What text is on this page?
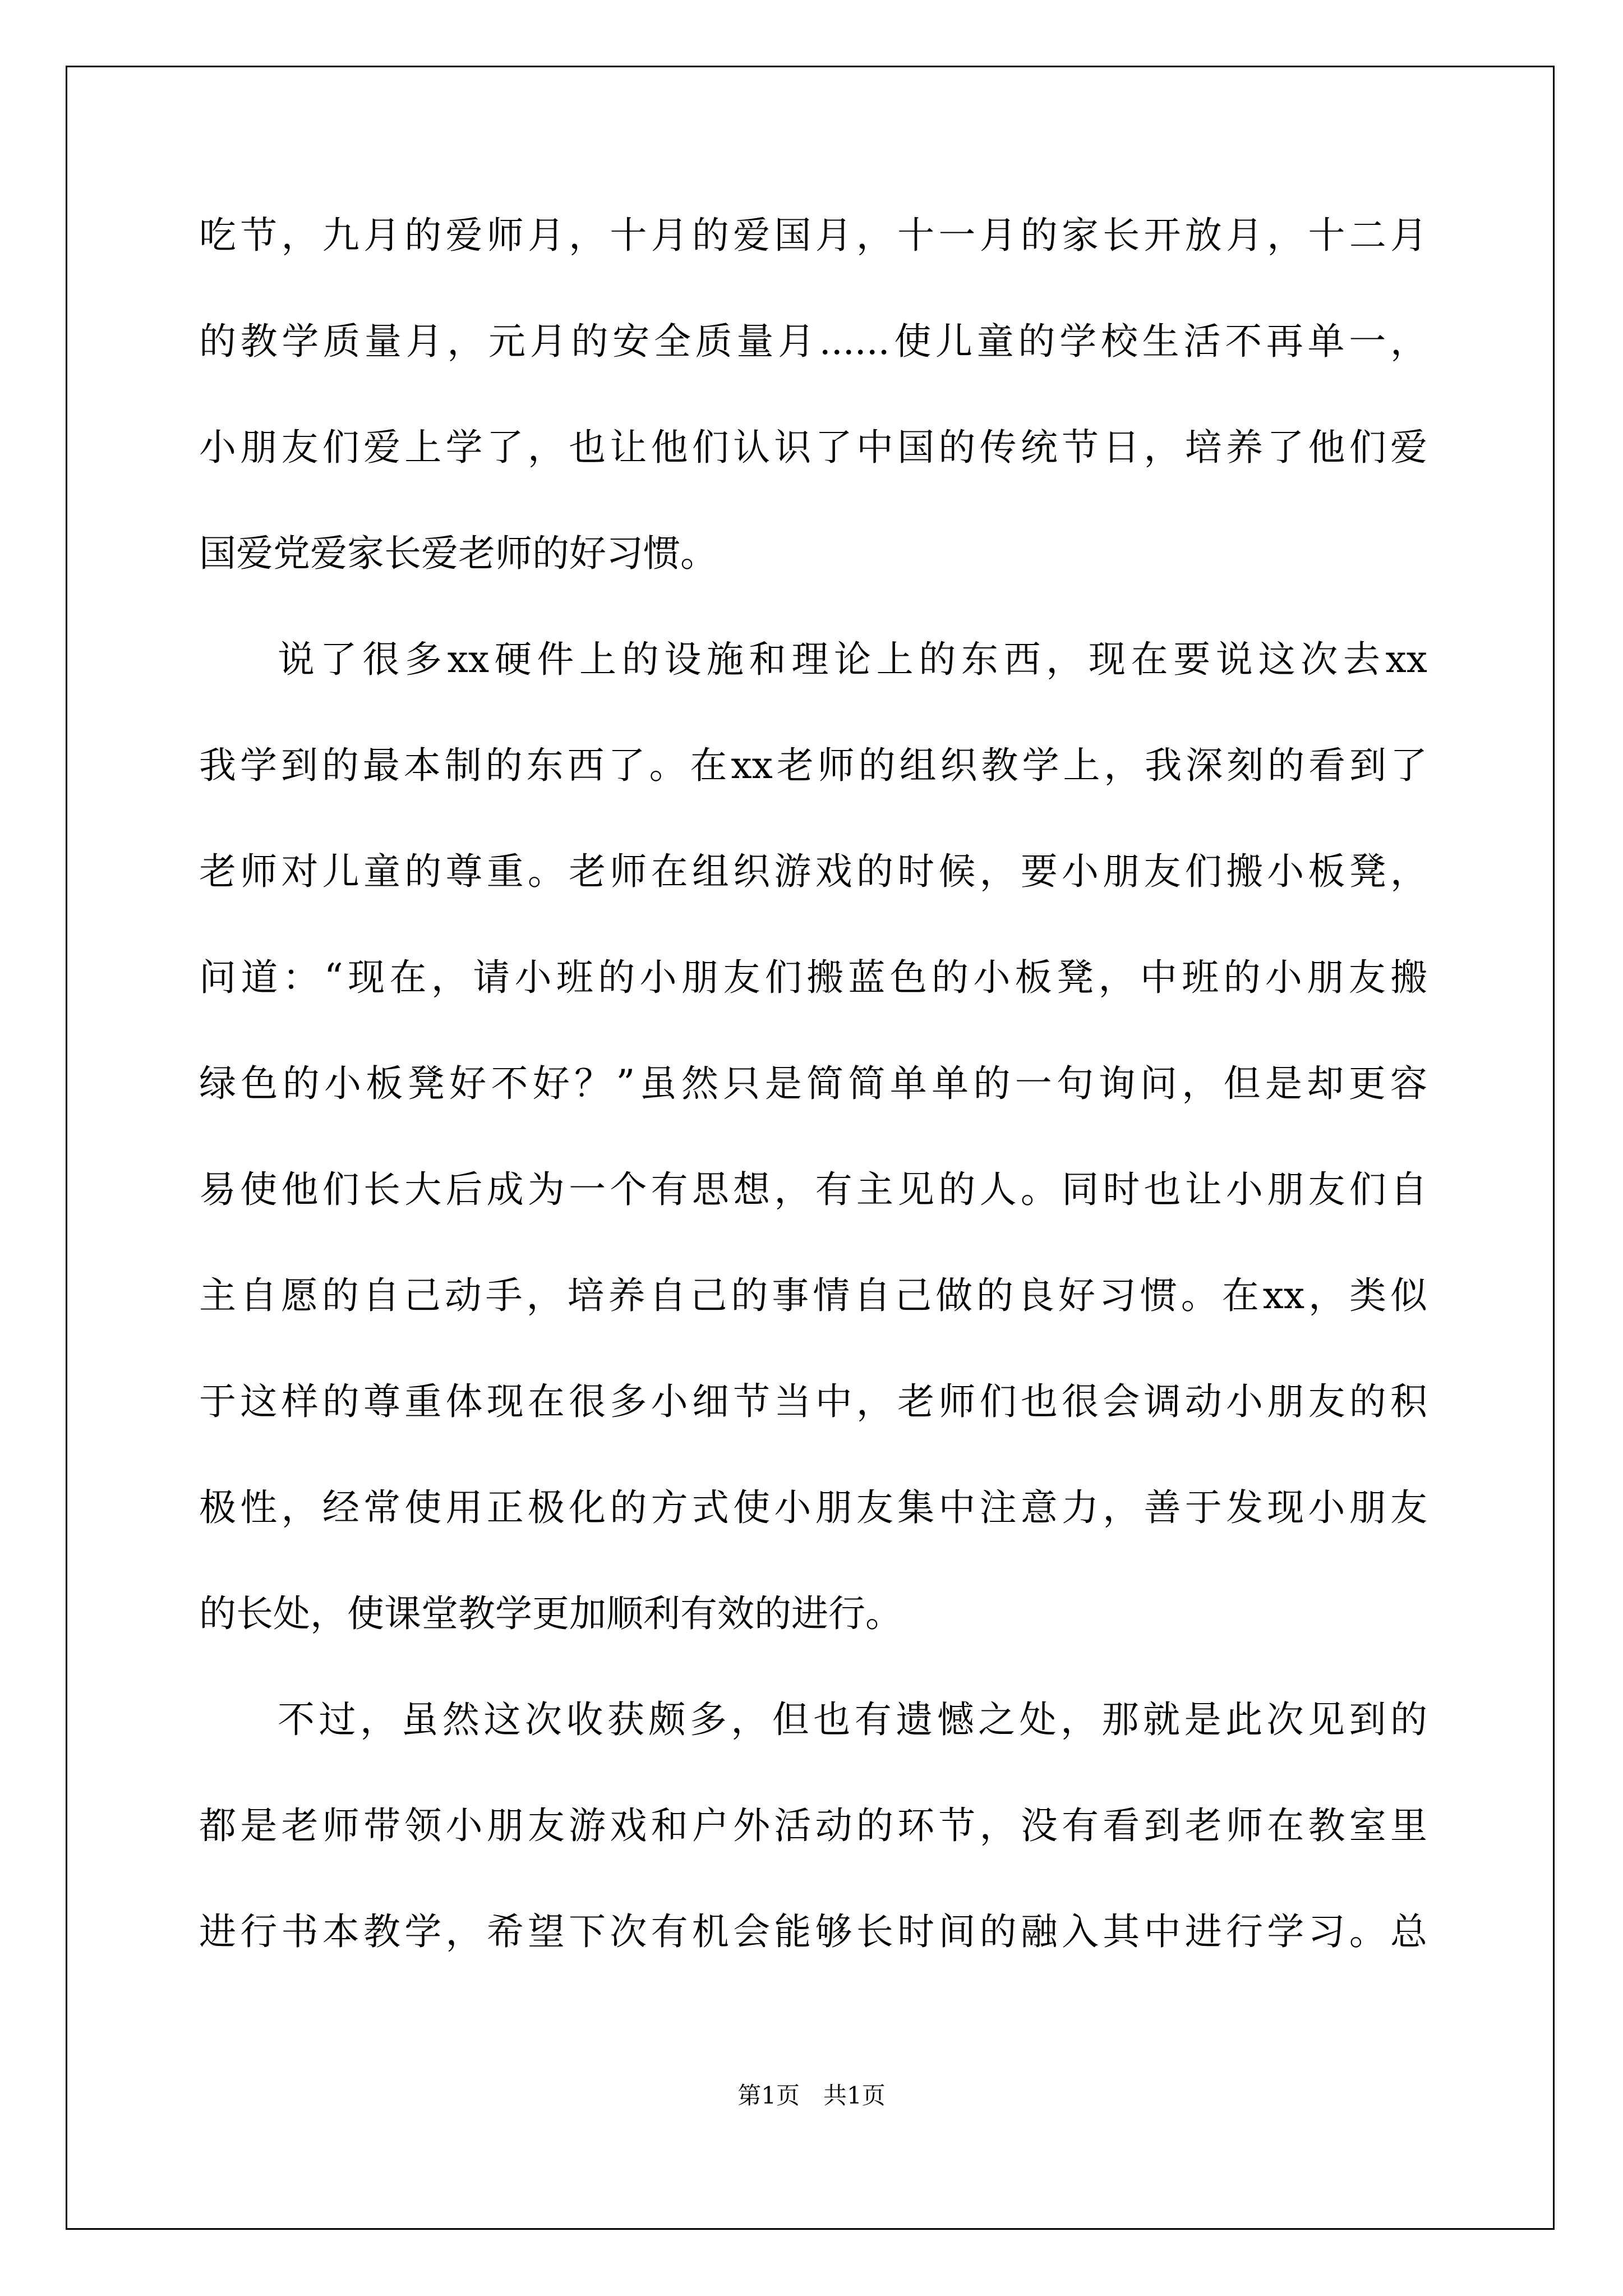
吃节，九月的爱师月，十月的爱国月，十一月的家长开放月，十二月
的教学质量月，元月的安全质量月......使儿童的学校生活不再单一，
小朋友们爱上学了，也让他们认识了中国的传统节日，培养了他们爱
国爱党爱家长爱老师的好习惯。
说了很多xx硬件上的设施和理论上的东西，现在要说这次去xx
我学到的最本制的东西了。在xx老师的组织教学上，我深刻的看到了
老师对儿童的尊重。老师在组织游戏的时候，要小朋友们搬小板凳，
问道：“现在，请小班的小朋友们搬蓝色的小板凳，中班的小朋友搬
绿色的小板凳好不好？”虽然只是简简单单的一句询问，但是却更容
易使他们长大后成为一个有思想，有主见的人。同时也让小朋友们自
主自愿的自己动手，培养自己的事情自己做的良好习惯。在xx，类似
于这样的尊重体现在很多小细节当中，老师们也很会调动小朋友的积
极性，经常使用正极化的方式使小朋友集中注意力，善于发现小朋友
的长处，使课堂教学更加顺利有效的进行。
不过，虽然这次收获颇多，但也有遗憾之处，那就是此次见到的
都是老师带领小朋友游戏和户外活动的环节，没有看到老师在教室里
进行书本教学，希望下次有机会能够长时间的融入其中进行学习。总
第1页　共1页
